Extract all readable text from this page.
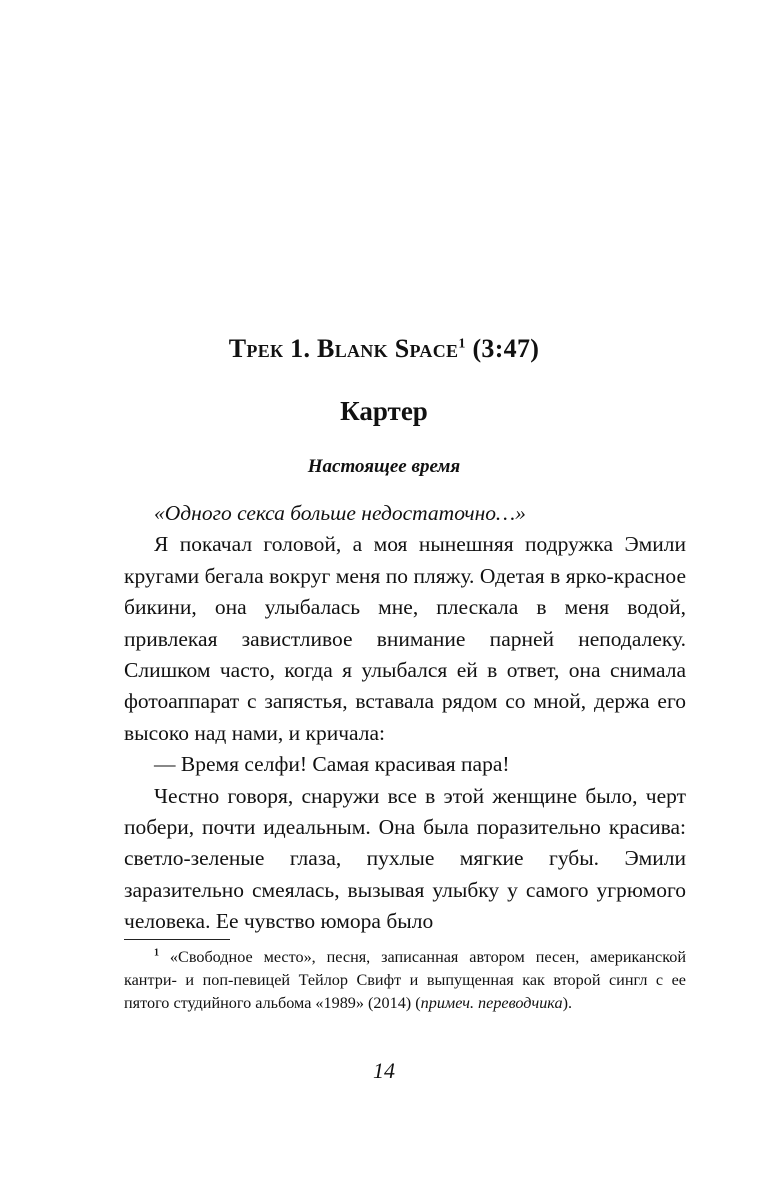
Трек 1. Blank Space$^1$ (3:47)
Картер
Настоящее время

«Одного секса больше недостаточно…»

Я покачал головой, а моя нынешняя подружка Эмили кругами бегала вокруг меня по пляжу. Одетая в ярко-красное бикини, она улыбалась мне, плескала в меня водой, привлекая завистливое внимание парней неподалеку. Слишком часто, когда я улыбался ей в ответ, она снимала фотоаппарат с запястья, вставала рядом со мной, держа его высоко над нами, и кричала:

— Время селфи! Самая красивая пара!

Честно говоря, снаружи все в этой женщине было, черт побери, почти идеальным. Она была поразительно красива: светло-зеленые глаза, пухлые мягкие губы. Эмили заразительно смеялась, вызывая улыбку у самого угрюмого человека. Ее чувство юмора было

$^1$ «Свободное место», песня, записанная автором песен, американской кантри- и поп-певицей Тейлор Свифт и выпущенная как второй сингл с ее пятого студийного альбома «1989» (2014) (примеч. переводчика).

14
